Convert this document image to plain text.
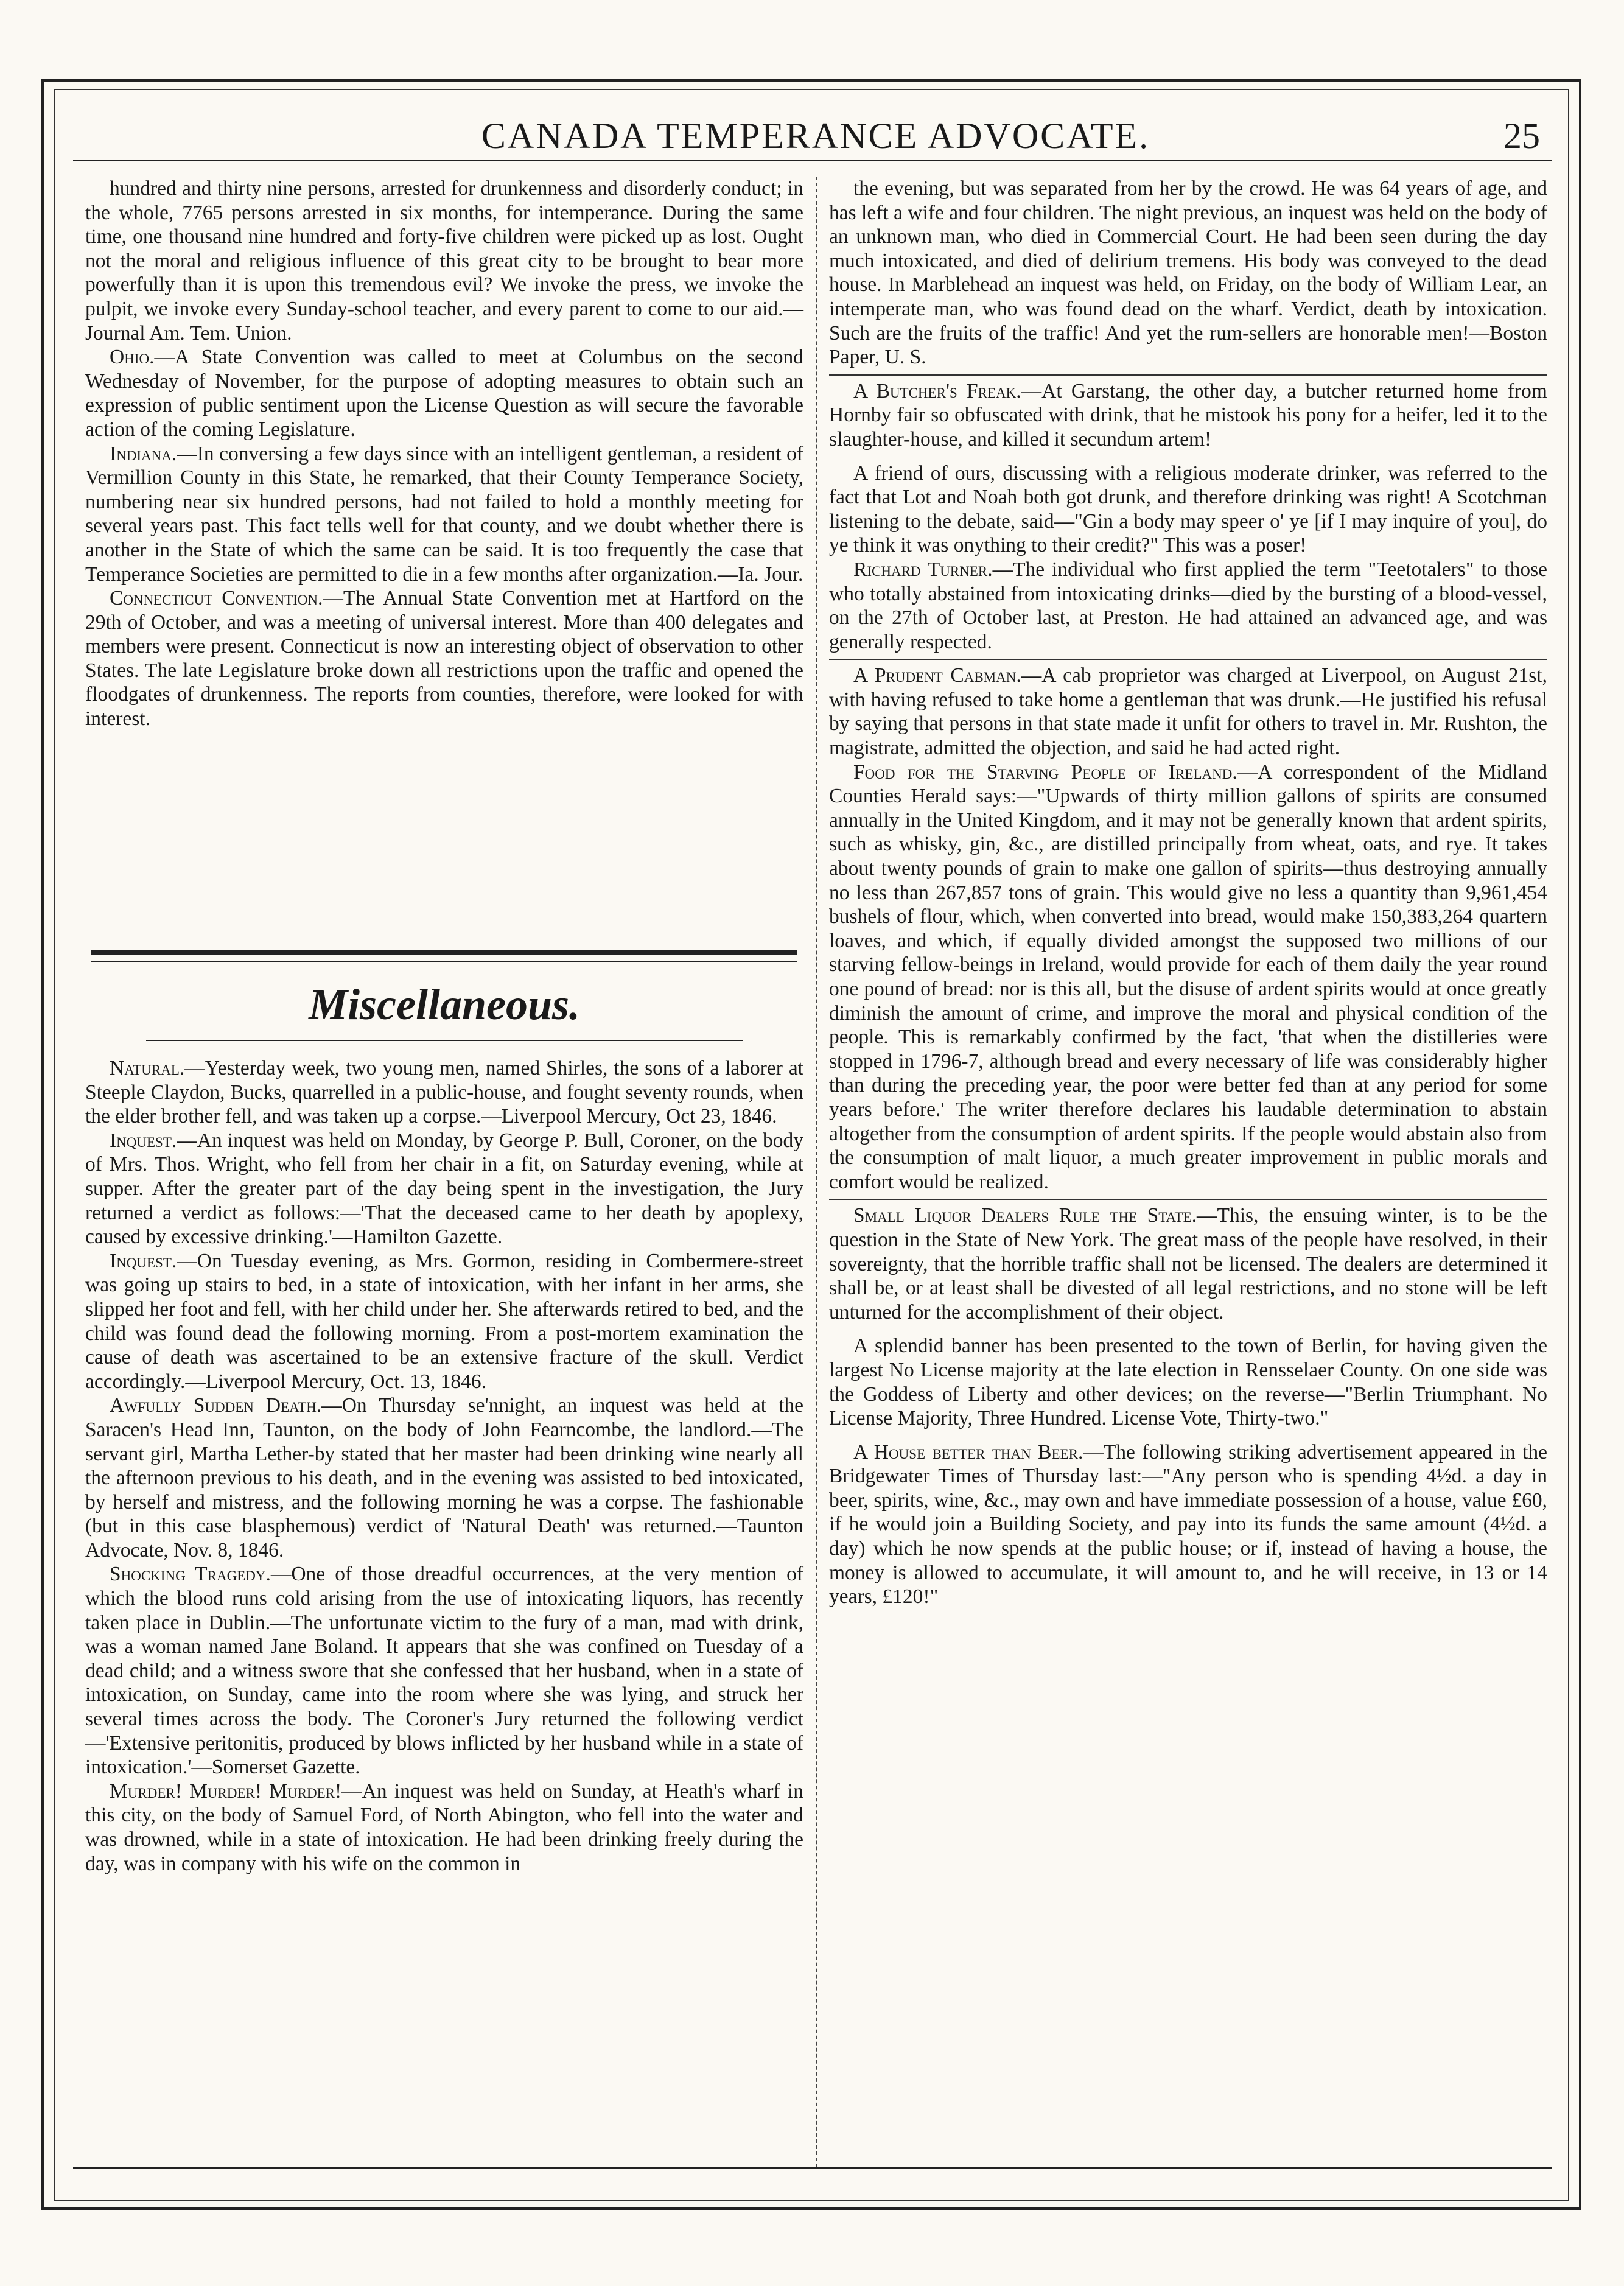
CANADA TEMPERANCE ADVOCATE.	25

hundred and thirty nine persons, arrested for drunkenness and disorderly conduct; in the whole, 7765 persons arrested in six months, for intemperance. During the same time, one thousand nine hundred and forty-five children were picked up as lost. Ought not the moral and religious influence of this great city to be brought to bear more powerfully than it is upon this tremendous evil? We invoke the press, we invoke the pulpit, we invoke every Sunday-school teacher, and every parent to come to our aid.—Journal Am. Tem. Union.

Ohio.—A State Convention was called to meet at Columbus on the second Wednesday of November, for the purpose of adopting measures to obtain such an expression of public sentiment upon the License Question as will secure the favorable action of the coming Legislature.

Indiana.—In conversing a few days since with an intelligent gentleman, a resident of Vermillion County in this State, he remarked, that their County Temperance Society, numbering near six hundred persons, had not failed to hold a monthly meeting for several years past. This fact tells well for that county, and we doubt whether there is another in the State of which the same can be said. It is too frequently the case that Temperance Societies are permitted to die in a few months after organization.—Ia. Jour.

Connecticut Convention.—The Annual State Convention met at Hartford on the 29th of October, and was a meeting of universal interest. More than 400 delegates and members were present. Connecticut is now an interesting object of observation to other States. The late Legislature broke down all restrictions upon the traffic and opened the floodgates of drunkenness. The reports from counties, therefore, were looked for with interest.

Miscellaneous.

Natural.—Yesterday week, two young men, named Shirles, the sons of a laborer at Steeple Claydon, Bucks, quarrelled in a public-house, and fought seventy rounds, when the elder brother fell, and was taken up a corpse.—Liverpool Mercury, Oct 23, 1846.

Inquest.—An inquest was held on Monday, by George P. Bull, Coroner, on the body of Mrs. Thos. Wright, who fell from her chair in a fit, on Saturday evening, while at supper. After the greater part of the day being spent in the investigation, the Jury returned a verdict as follows:—'That the deceased came to her death by apoplexy, caused by excessive drinking.'—Hamilton Gazette.

Inquest.—On Tuesday evening, as Mrs. Gormon, residing in Combermere-street was going up stairs to bed, in a state of intoxication, with her infant in her arms, she slipped her foot and fell, with her child under her. She afterwards retired to bed, and the child was found dead the following morning. From a post-mortem examination the cause of death was ascertained to be an extensive fracture of the skull. Verdict accordingly.—Liverpool Mercury, Oct. 13, 1846.

Awfully Sudden Death.—On Thursday se'nnight, an inquest was held at the Saracen's Head Inn, Taunton, on the body of John Fearncombe, the landlord.—The servant girl, Martha Lether-by stated that her master had been drinking wine nearly all the afternoon previous to his death, and in the evening was assisted to bed intoxicated, by herself and mistress, and the following morning he was a corpse. The fashionable (but in this case blasphemous) verdict of 'Natural Death' was returned.—Taunton Advocate, Nov. 8, 1846.

Shocking Tragedy.—One of those dreadful occurrences, at the very mention of which the blood runs cold arising from the use of intoxicating liquors, has recently taken place in Dublin.—The unfortunate victim to the fury of a man, mad with drink, was a woman named Jane Boland. It appears that she was confined on Tuesday of a dead child; and a witness swore that she confessed that her husband, when in a state of intoxication, on Sunday, came into the room where she was lying, and struck her several times across the body. The Coroner's Jury returned the following verdict—'Extensive peritonitis, produced by blows inflicted by her husband while in a state of intoxication.'—Somerset Gazette.

Murder! Murder! Murder!—An inquest was held on Sunday, at Heath's wharf in this city, on the body of Samuel Ford, of North Abington, who fell into the water and was drowned, while in a state of intoxication. He had been drinking freely during the day, was in company with his wife on the common in

the evening, but was separated from her by the crowd. He was 64 years of age, and has left a wife and four children. The night previous, an inquest was held on the body of an unknown man, who died in Commercial Court. He had been seen during the day much intoxicated, and died of delirium tremens. His body was conveyed to the dead house. In Marblehead an inquest was held, on Friday, on the body of William Lear, an intemperate man, who was found dead on the wharf. Verdict, death by intoxication. Such are the fruits of the traffic! And yet the rum-sellers are honorable men!—Boston Paper, U. S.

A Butcher's Freak.—At Garstang, the other day, a butcher returned home from Hornby fair so obfuscated with drink, that he mistook his pony for a heifer, led it to the slaughter-house, and killed it secundum artem!

A friend of ours, discussing with a religious moderate drinker, was referred to the fact that Lot and Noah both got drunk, and therefore drinking was right! A Scotchman listening to the debate, said—"Gin a body may speer o' ye [if I may inquire of you], do ye think it was onything to their credit?" This was a poser!

Richard Turner.—The individual who first applied the term "Teetotalers" to those who totally abstained from intoxicating drinks—died by the bursting of a blood-vessel, on the 27th of October last, at Preston. He had attained an advanced age, and was generally respected.

A Prudent Cabman.—A cab proprietor was charged at Liverpool, on August 21st, with having refused to take home a gentleman that was drunk.—He justified his refusal by saying that persons in that state made it unfit for others to travel in. Mr. Rushton, the magistrate, admitted the objection, and said he had acted right.

Food for the Starving People of Ireland.—A correspondent of the Midland Counties Herald says:—"Upwards of thirty million gallons of spirits are consumed annually in the United Kingdom, and it may not be generally known that ardent spirits, such as whisky, gin, &c., are distilled principally from wheat, oats, and rye. It takes about twenty pounds of grain to make one gallon of spirits—thus destroying annually no less than 267,857 tons of grain. This would give no less a quantity than 9,961,454 bushels of flour, which, when converted into bread, would make 150,383,264 quartern loaves, and which, if equally divided amongst the supposed two millions of our starving fellow-beings in Ireland, would provide for each of them daily the year round one pound of bread: nor is this all, but the disuse of ardent spirits would at once greatly diminish the amount of crime, and improve the moral and physical condition of the people. This is remarkably confirmed by the fact, 'that when the distilleries were stopped in 1796-7, although bread and every necessary of life was considerably higher than during the preceding year, the poor were better fed than at any period for some years before.' The writer therefore declares his laudable determination to abstain altogether from the consumption of ardent spirits. If the people would abstain also from the consumption of malt liquor, a much greater improvement in public morals and comfort would be realized.

Small Liquor Dealers Rule the State.—This, the ensuing winter, is to be the question in the State of New York. The great mass of the people have resolved, in their sovereignty, that the horrible traffic shall not be licensed. The dealers are determined it shall be, or at least shall be divested of all legal restrictions, and no stone will be left unturned for the accomplishment of their object.

A splendid banner has been presented to the town of Berlin, for having given the largest No License majority at the late election in Rensselaer County. On one side was the Goddess of Liberty and other devices; on the reverse—"Berlin Triumphant. No License Majority, Three Hundred. License Vote, Thirty-two."

A House better than Beer.—The following striking advertisement appeared in the Bridgewater Times of Thursday last:—"Any person who is spending 4½d. a day in beer, spirits, wine, &c., may own and have immediate possession of a house, value £60, if he would join a Building Society, and pay into its funds the same amount (4½d. a day) which he now spends at the public house; or if, instead of having a house, the money is allowed to accumulate, it will amount to, and he will receive, in 13 or 14 years, £120!"
